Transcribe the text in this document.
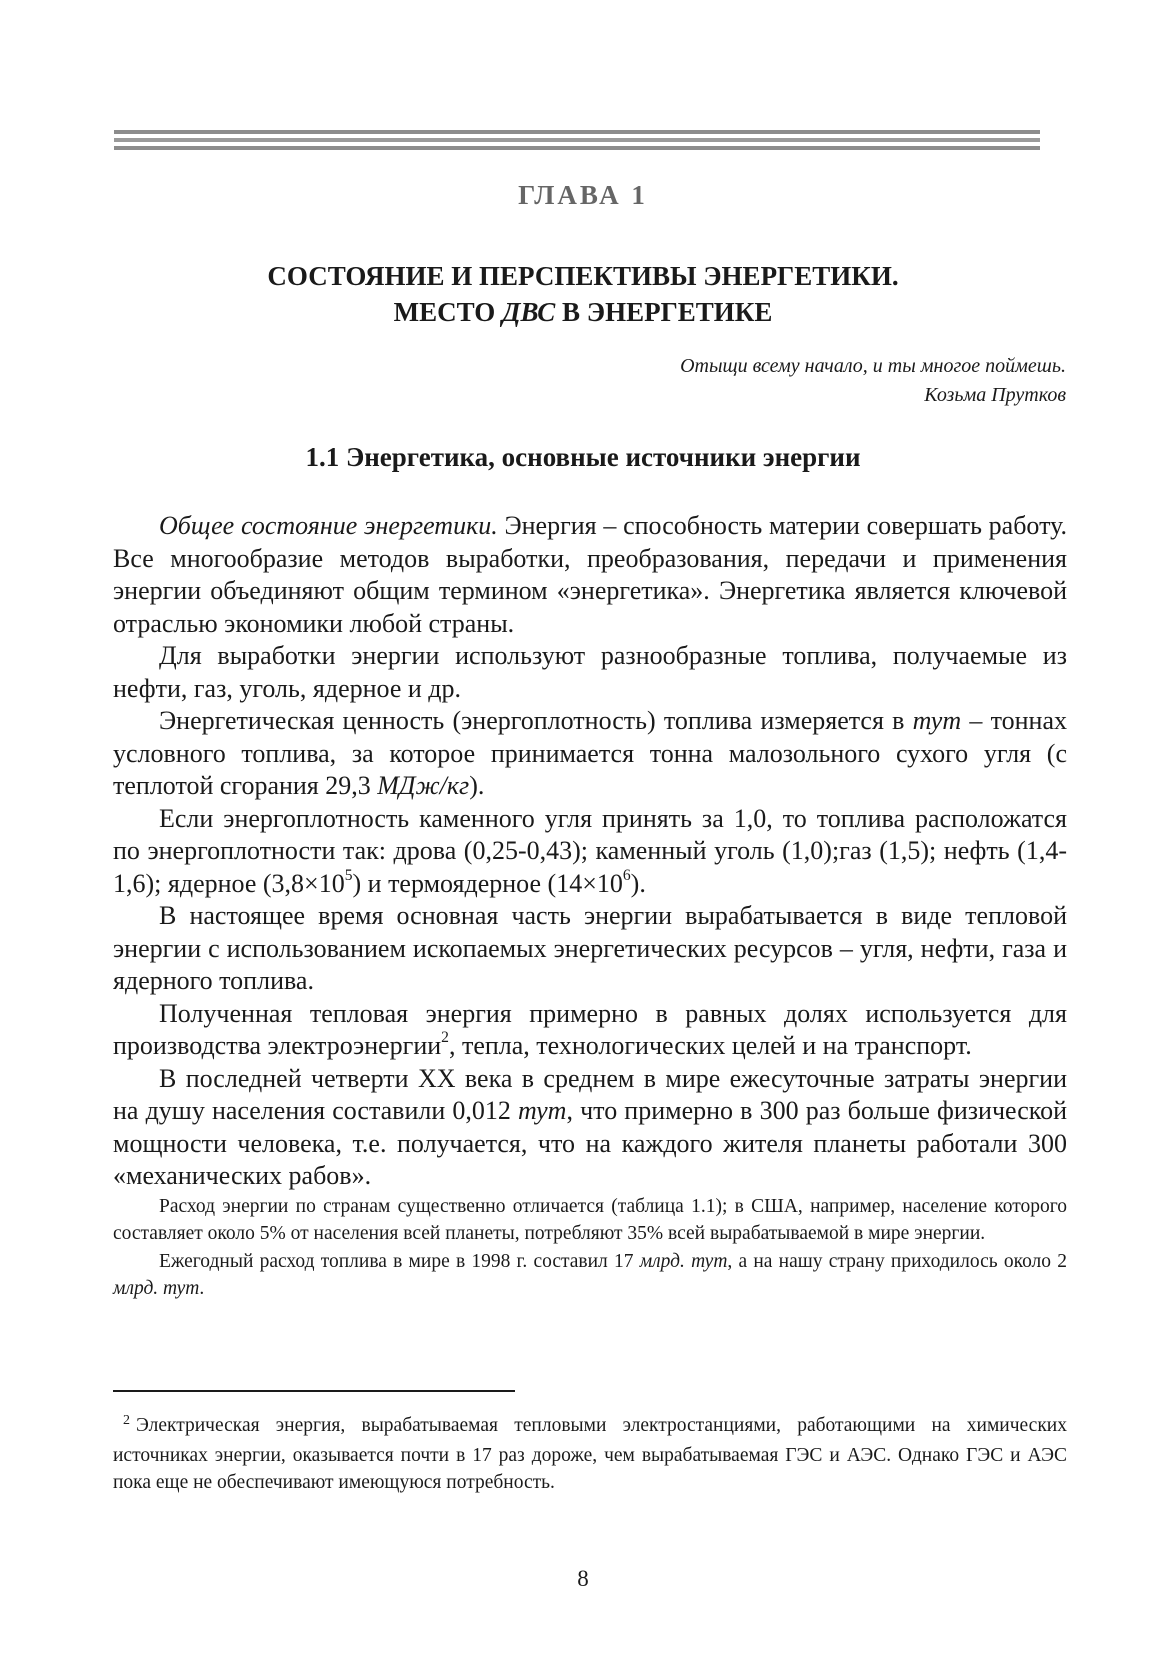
ГЛАВА 1
СОСТОЯНИЕ И ПЕРСПЕКТИВЫ ЭНЕРГЕТИКИ.
МЕСТО ДВС В ЭНЕРГЕТИКЕ
Отыщи всему начало, и ты многое поймешь.
Козьма Прутков
1.1 Энергетика, основные источники энергии

Общее состояние энергетики. Энергия – способность материи совершать работу. Все многообразие методов выработки, преобразования, передачи и применения энергии объединяют общим термином «энергетика». Энергетика является ключевой отраслью экономики любой страны.

Для выработки энергии используют разнообразные топлива, получаемые из нефти, газ, уголь, ядерное и др.

Энергетическая ценность (энергоплотность) топлива измеряется в тут – тоннах условного топлива, за которое принимается тонна малозольного сухого угля (с теплотой сгорания 29,3 МДж/кг).

Если энергоплотность каменного угля принять за 1,0, то топлива расположатся по энергоплотности так: дрова (0,25-0,43); каменный уголь (1,0);газ (1,5); нефть (1,4-1,6); ядерное $(3,8\times 10^5)$ и термоядерное $(14\times 10^6)$.

В настоящее время основная часть энергии вырабатывается в виде тепловой энергии с использованием ископаемых энергетических ресурсов – угля, нефти, газа и ядерного топлива.

Полученная тепловая энергия примерно в равных долях используется для производства электроэнергии$^2$, тепла, технологических целей и на транспорт.

В последней четверти XX века в среднем в мире ежесуточные затраты энергии на душу населения составили 0,012 тут, что примерно в 300 раз больше физической мощности человека, т.е. получается, что на каждого жителя планеты работали 300 «механических рабов».

Расход энергии по странам существенно отличается (таблица 1.1); в США, например, население которого составляет около 5% от населения всей планеты, потребляют 35% всей вырабатываемой в мире энергии.

Ежегодный расход топлива в мире в 1998 г. составил 17 млрд. тут, а на нашу страну приходилось около 2 млрд. тут.

$^2$ Электрическая энергия, вырабатываемая тепловыми электростанциями, работающими на химических источниках энергии, оказывается почти в 17 раз дороже, чем вырабатываемая ГЭС и АЭС. Однако ГЭС и АЭС пока еще не обеспечивают имеющуюся потребность.

8
